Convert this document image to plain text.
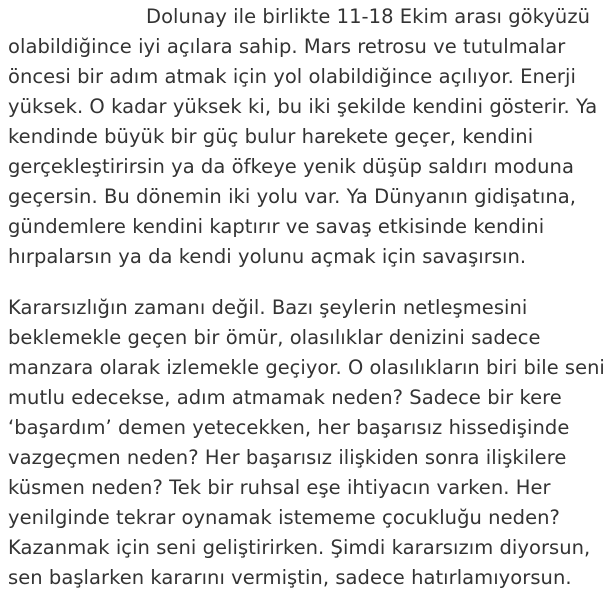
Dolunay ile birlikte 11-18 Ekim arası gökyüzü
olabildiğince iyi açılara sahip. Mars retrosu ve tutulmalar
öncesi bir adım atmak için yol olabildiğince açılıyor. Enerji
yüksek. O kadar yüksek ki, bu iki şekilde kendini gösterir. Ya
kendinde büyük bir güç bulur harekete geçer, kendini
gerçekleştirirsin ya da öfkeye yenik düşüp saldırı moduna
geçersin. Bu dönemin iki yolu var. Ya Dünyanın gidişatına,
gündemlere kendini kaptırır ve savaş etkisinde kendini
hırpalarsın ya da kendi yolunu açmak için savaşırsın.
Kararsızlığın zamanı değil. Bazı şeylerin netleşmesini
beklemekle geçen bir ömür, olasılıklar denizini sadece
manzara olarak izlemekle geçiyor. O olasılıkların biri bile seni
mutlu edecekse, adım atmamak neden? Sadece bir kere
‘başardım’ demen yetecekken, her başarısız hissedişinde
vazgeçmen neden? Her başarısız ilişkiden sonra ilişkilere
küsmen neden? Tek bir ruhsal eşe ihtiyacın varken. Her
yenilginde tekrar oynamak istememe çocukluğu neden?
Kazanmak için seni geliştirirken. Şimdi kararsızım diyorsun,
sen başlarken kararını vermiştin, sadece hatırlamıyorsun.
